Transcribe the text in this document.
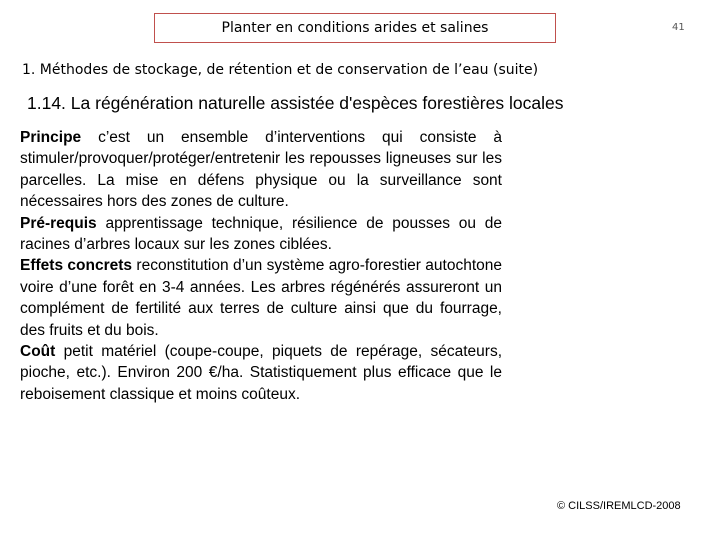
Planter en conditions arides et salines	41
1. Méthodes de stockage, de rétention et de conservation de l’eau (suite)
1.14. La régénération naturelle assistée d'espèces forestières locales

Principe c’est un ensemble d’interventions qui consiste à stimuler/provoquer/protéger/entretenir les repousses ligneuses sur les parcelles. La mise en défens physique ou la surveillance sont nécessaires hors des zones de culture.

Pré-requis apprentissage technique, résilience de pousses ou de racines d’arbres locaux sur les zones ciblées.

Effets concrets reconstitution d’un système agro-forestier autochtone voire d’une forêt en 3-4 années. Les arbres régénérés assureront un complément de fertilité aux terres de culture ainsi que du fourrage, des fruits et du bois.

Coût petit matériel (coupe-coupe, piquets de repérage, sécateurs, pioche, etc.). Environ 200 €/ha. Statistiquement plus efficace que le reboisement classique et moins coûteux.

© CILSS/IREMLCD-2008
